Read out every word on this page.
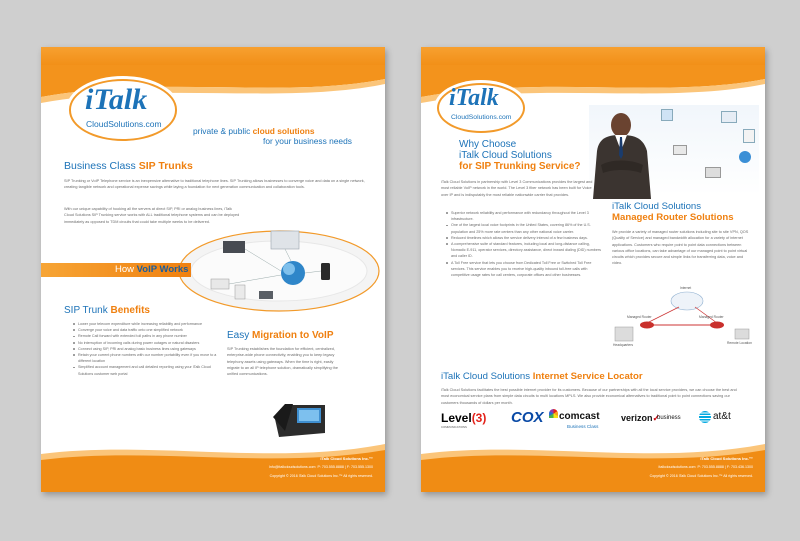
iTalk
CloudSolutions.com
private & public cloud solutions
for your business needs
Business Class SIP Trunks
SIP Trunking or VoIP Telephone service is an inexpensive alternative to traditional telephone lines. SIP Trunking allows businesses to converge voice and data on a single network, creating tangible network and operational expense savings while laying a foundation for next generation communication and collaboration tools.
With our unique capability of hooking all the servers at direct SIP, PRI or analog business lines, iTalk Cloud Solutions SIP Trunking service works with ALL traditional telephone systems and can be deployed immediately as opposed to TDM circuits that could take multiple weeks to be delivered.
How VoIP Works
SIP Trunk Benefits
Lower your telecom expenditure while increasing reliability and performance
Converge your voice and data traffic onto one simplified network
Remote Call forward with extended toll paths in any phone number
No interruption of incoming calls during power outages or natural disasters
Connect using SIP, PRI and analog basic business lines using gateways
Retain your current phone numbers with our number portability even if you move to a different location
Simplified account management and call detailed reporting using your iTalk Cloud Solutions customer web portal
Easy Migration to VoIP
SIP Trunking establishes the foundation for efficient, centralized, enterprise-wide phone connectivity, enabling you to keep legacy telephony assets using gateways. When the time is right, easily migrate to an all IP telephone solution, dramatically simplifying the unified communications.
iTalk Cloud Solutions Inc.™
Info@italkcloudsolutions.com P: 703.555.8888 | F: 703.555.1300
Copyright © 2016 iTalk Cloud Solutions Inc.™ All rights reserved.
iTalk
CloudSolutions.com
Why Choose
iTalk Cloud Solutions
for SIP Trunking Service?
iTalk Cloud Solutions in partnership with Level 3 Communications provides the largest and most reliable VoIP network in the world. The Level 3 fiber network has been built for Voice over IP and is indisputably the most reliable nationwide carrier that provides.
Superior network reliability and performance with redundancy throughout the Level 3 infrastructure.
One of the largest local voice footprints in the United States, covering 86% of the U.S. population and 25% more rate centers than any other national voice carrier.
Reduced timelines which allows the service delivery interval of a few business days.
A comprehensive suite of standard features, including local and long-distance calling, Nomadic E-911, operator services, directory assistance, direct inward dialing (DID) numbers and caller ID.
A Toll Free service that lets you choose from Dedicated Toll Free or Switched Toll Free services. This service enables you to receive high-quality inbound toll-free calls with competitive usage rates for call centers, corporate offices and other businesses.
iTalk Cloud Solutions
Managed Router Solutions
We provide a variety of managed router solutions including site to site VPN, QOS (Quality of Service) and managed bandwidth allocation for a variety of internet applications. Customers who require point to point data connections between various office locations, can take advantage of our managed point to point virtual circuits which provides secure and simple links for transferring data, voice and video.
Internet
Managed Router	Managed Router
Headquarters	Remote Location
iTalk Cloud Solutions Internet Service Locator
iTalk Cloud Solutions facilitates the best possible internet provider for its customers. Because of our partnerships with all the local service providers, we can choose the best and most economical service plans from simple data circuits to multi locations MPLS. We also provide economical alternatives to traditional point to point connections saving our customers thousands of dollars per month.
Level(3)
COMMUNICATIONS
COX comcast
Business Class
verizon✓
business	at&t
iTalk Cloud Solutions Inc.™
italkcloudsolutions.com P: 703.555.8888 | F: 703.436.1300
Copyright © 2016 iTalk Cloud Solutions Inc.™ All rights reserved.
